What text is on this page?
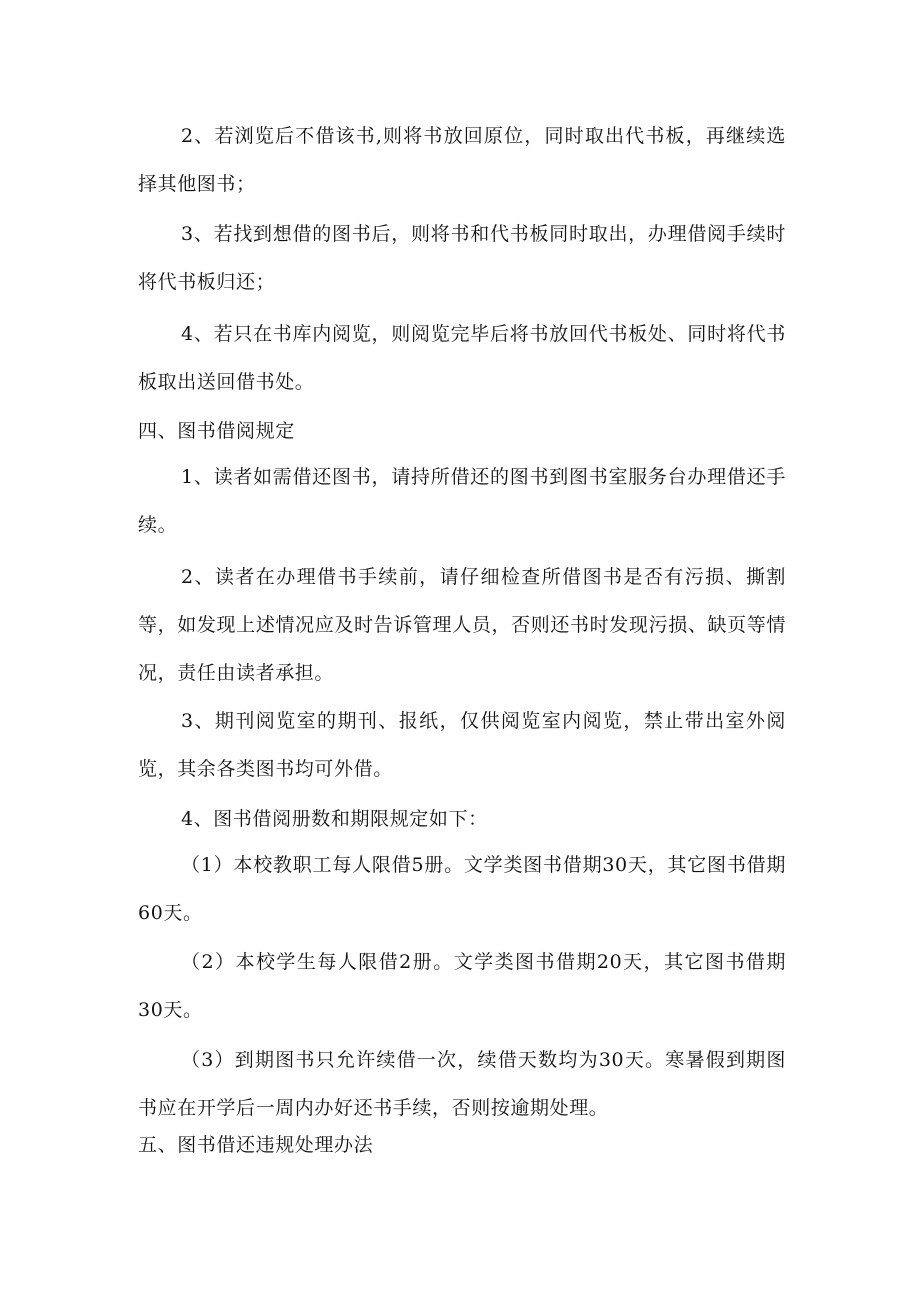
2、若浏览后不借该书,则将书放回原位，同时取出代书板，再继续选择其他图书；

3、若找到想借的图书后，则将书和代书板同时取出，办理借阅手续时将代书板归还；

4、若只在书库内阅览，则阅览完毕后将书放回代书板处、同时将代书板取出送回借书处。

四、图书借阅规定

1、读者如需借还图书，请持所借还的图书到图书室服务台办理借还手续。

2、读者在办理借书手续前，请仔细检查所借图书是否有污损、撕割等，如发现上述情况应及时告诉管理人员，否则还书时发现污损、缺页等情况，责任由读者承担。

3、期刊阅览室的期刊、报纸，仅供阅览室内阅览，禁止带出室外阅览，其余各类图书均可外借。

4、图书借阅册数和期限规定如下：

（1）本校教职工每人限借5册。文学类图书借期30天，其它图书借期60天。

（2）本校学生每人限借2册。文学类图书借期20天，其它图书借期30天。

（3）到期图书只允许续借一次，续借天数均为30天。寒暑假到期图书应在开学后一周内办好还书手续，否则按逾期处理。

五、图书借还违规处理办法
